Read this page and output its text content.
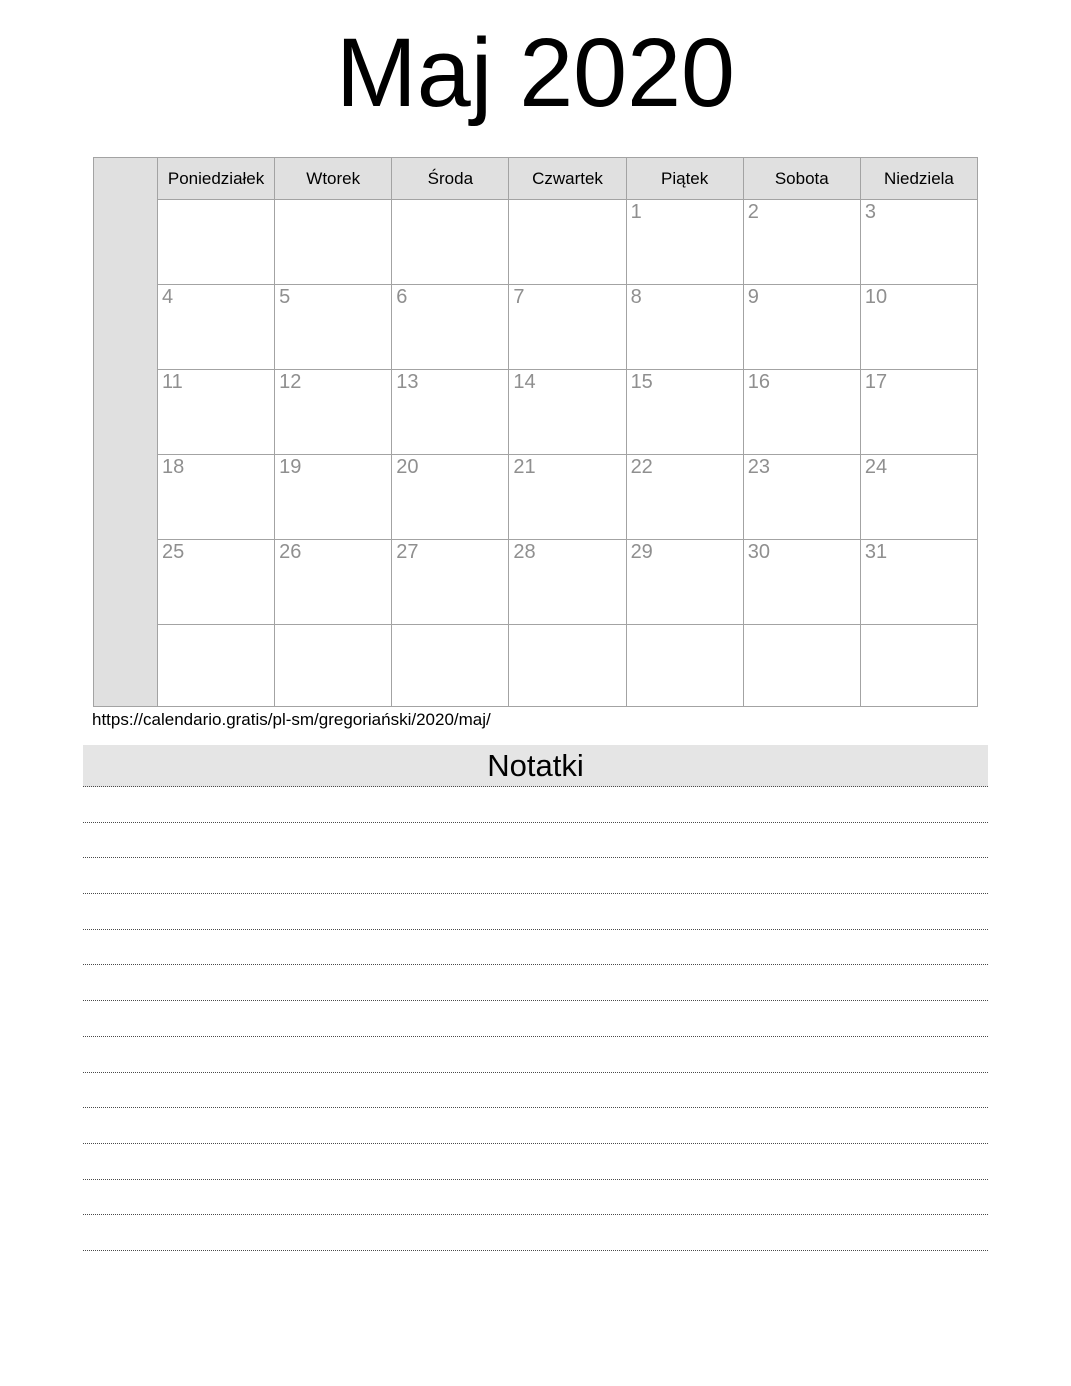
Maj 2020
	Poniedziałek	Wtorek	Środa	Czwartek	Piątek	Sobota	Niedziela

					1	2	3

	4	5	6	7	8	9	10

	11	12	13	14	15	16	17

	18	19	20	21	22	23	24

	25	26	27	28	29	30	31

https://calendario.gratis/pl-sm/gregoriański/2020/maj/
Notatki
